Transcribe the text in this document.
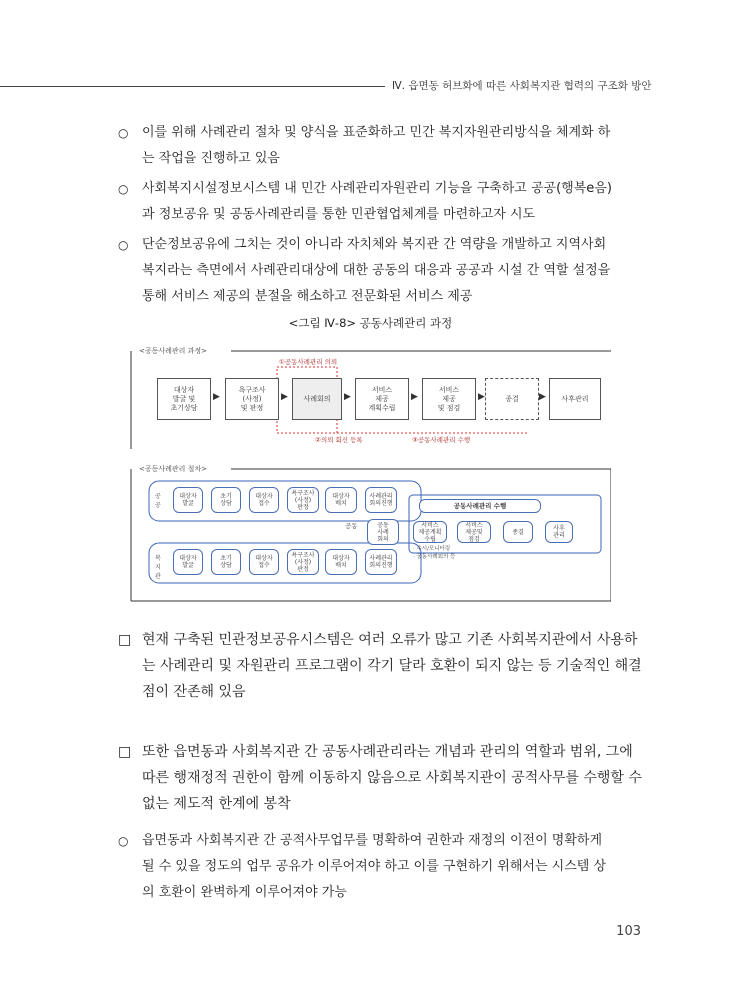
Ⅳ. 읍면동 허브화에 따른 사회복지관 협력의 구조화 방안
○ 이를 위해 사례관리 절차 및 양식을 표준화하고 민간 복지자원관리방식을 체계화 하
는 작업을 진행하고 있음
○ 사회복지시설정보시스템 내 민간 사례관리자원관리 기능을 구축하고 공공(행복e음)
과 정보공유 및 공동사례관리를 통한 민관협업체계를 마련하고자 시도
○ 단순정보공유에 그치는 것이 아니라 자치체와 복지관 간 역량을 개발하고 지역사회
복지라는 측면에서 사례관리대상에 대한 공동의 대응과 공공과 시설 간 역할 설정을
통해 서비스 제공의 분절을 해소하고 전문화된 서비스 제공
<그림 Ⅳ-8> 공동사례관리 과정
<공동사례관리 과정>
①공동사례관리 의뢰
대상자
발굴 및
초기상담
▶
욕구조사
(사정)
및 판정
▶	사례회의	▶
서비스
제공
계획수립
▶
서비스
제공
및 점검
▶	종결	▶	사후관리
②의뢰 회신 등록	③공동사례관리 수행
<공동사례관리 절차>
공공
대상자
발굴
초기
상담
대상자
접수
욕구조사
(사정)
판정
대상자
배치
사례관리
회의진행	공동사례관리 수행
공동	공동
사례
회의
서비스
제공계획
수립
서비스
제공및
점검
종결	사후
관리
· 수시/모니터링
· 공동사례회의 등
복지관
대상자
발굴
초기
상담
대상자
접수
욕구조사
(사정)
판정
대상자
배치
사례관리
회의진행
□ 현재 구축된 민관정보공유시스템은 여러 오류가 많고 기존 사회복지관에서 사용하
는 사례관리 및 자원관리 프로그램이 각기 달라 호환이 되지 않는 등 기술적인 해결
점이 잔존해 있음
□ 또한 읍면동과 사회복지관 간 공동사례관리라는 개념과 관리의 역할과 범위, 그에
따른 행재정적 권한이 함께 이동하지 않음으로 사회복지관이 공적사무를 수행할 수
없는 제도적 한계에 봉착
○ 읍면동과 사회복지관 간 공적사무업무를 명확하여 권한과 재정의 이전이 명확하게
될 수 있을 정도의 업무 공유가 이루어져야 하고 이를 구현하기 위해서는 시스템 상
의 호환이 완벽하게 이루어져야 가능
103
